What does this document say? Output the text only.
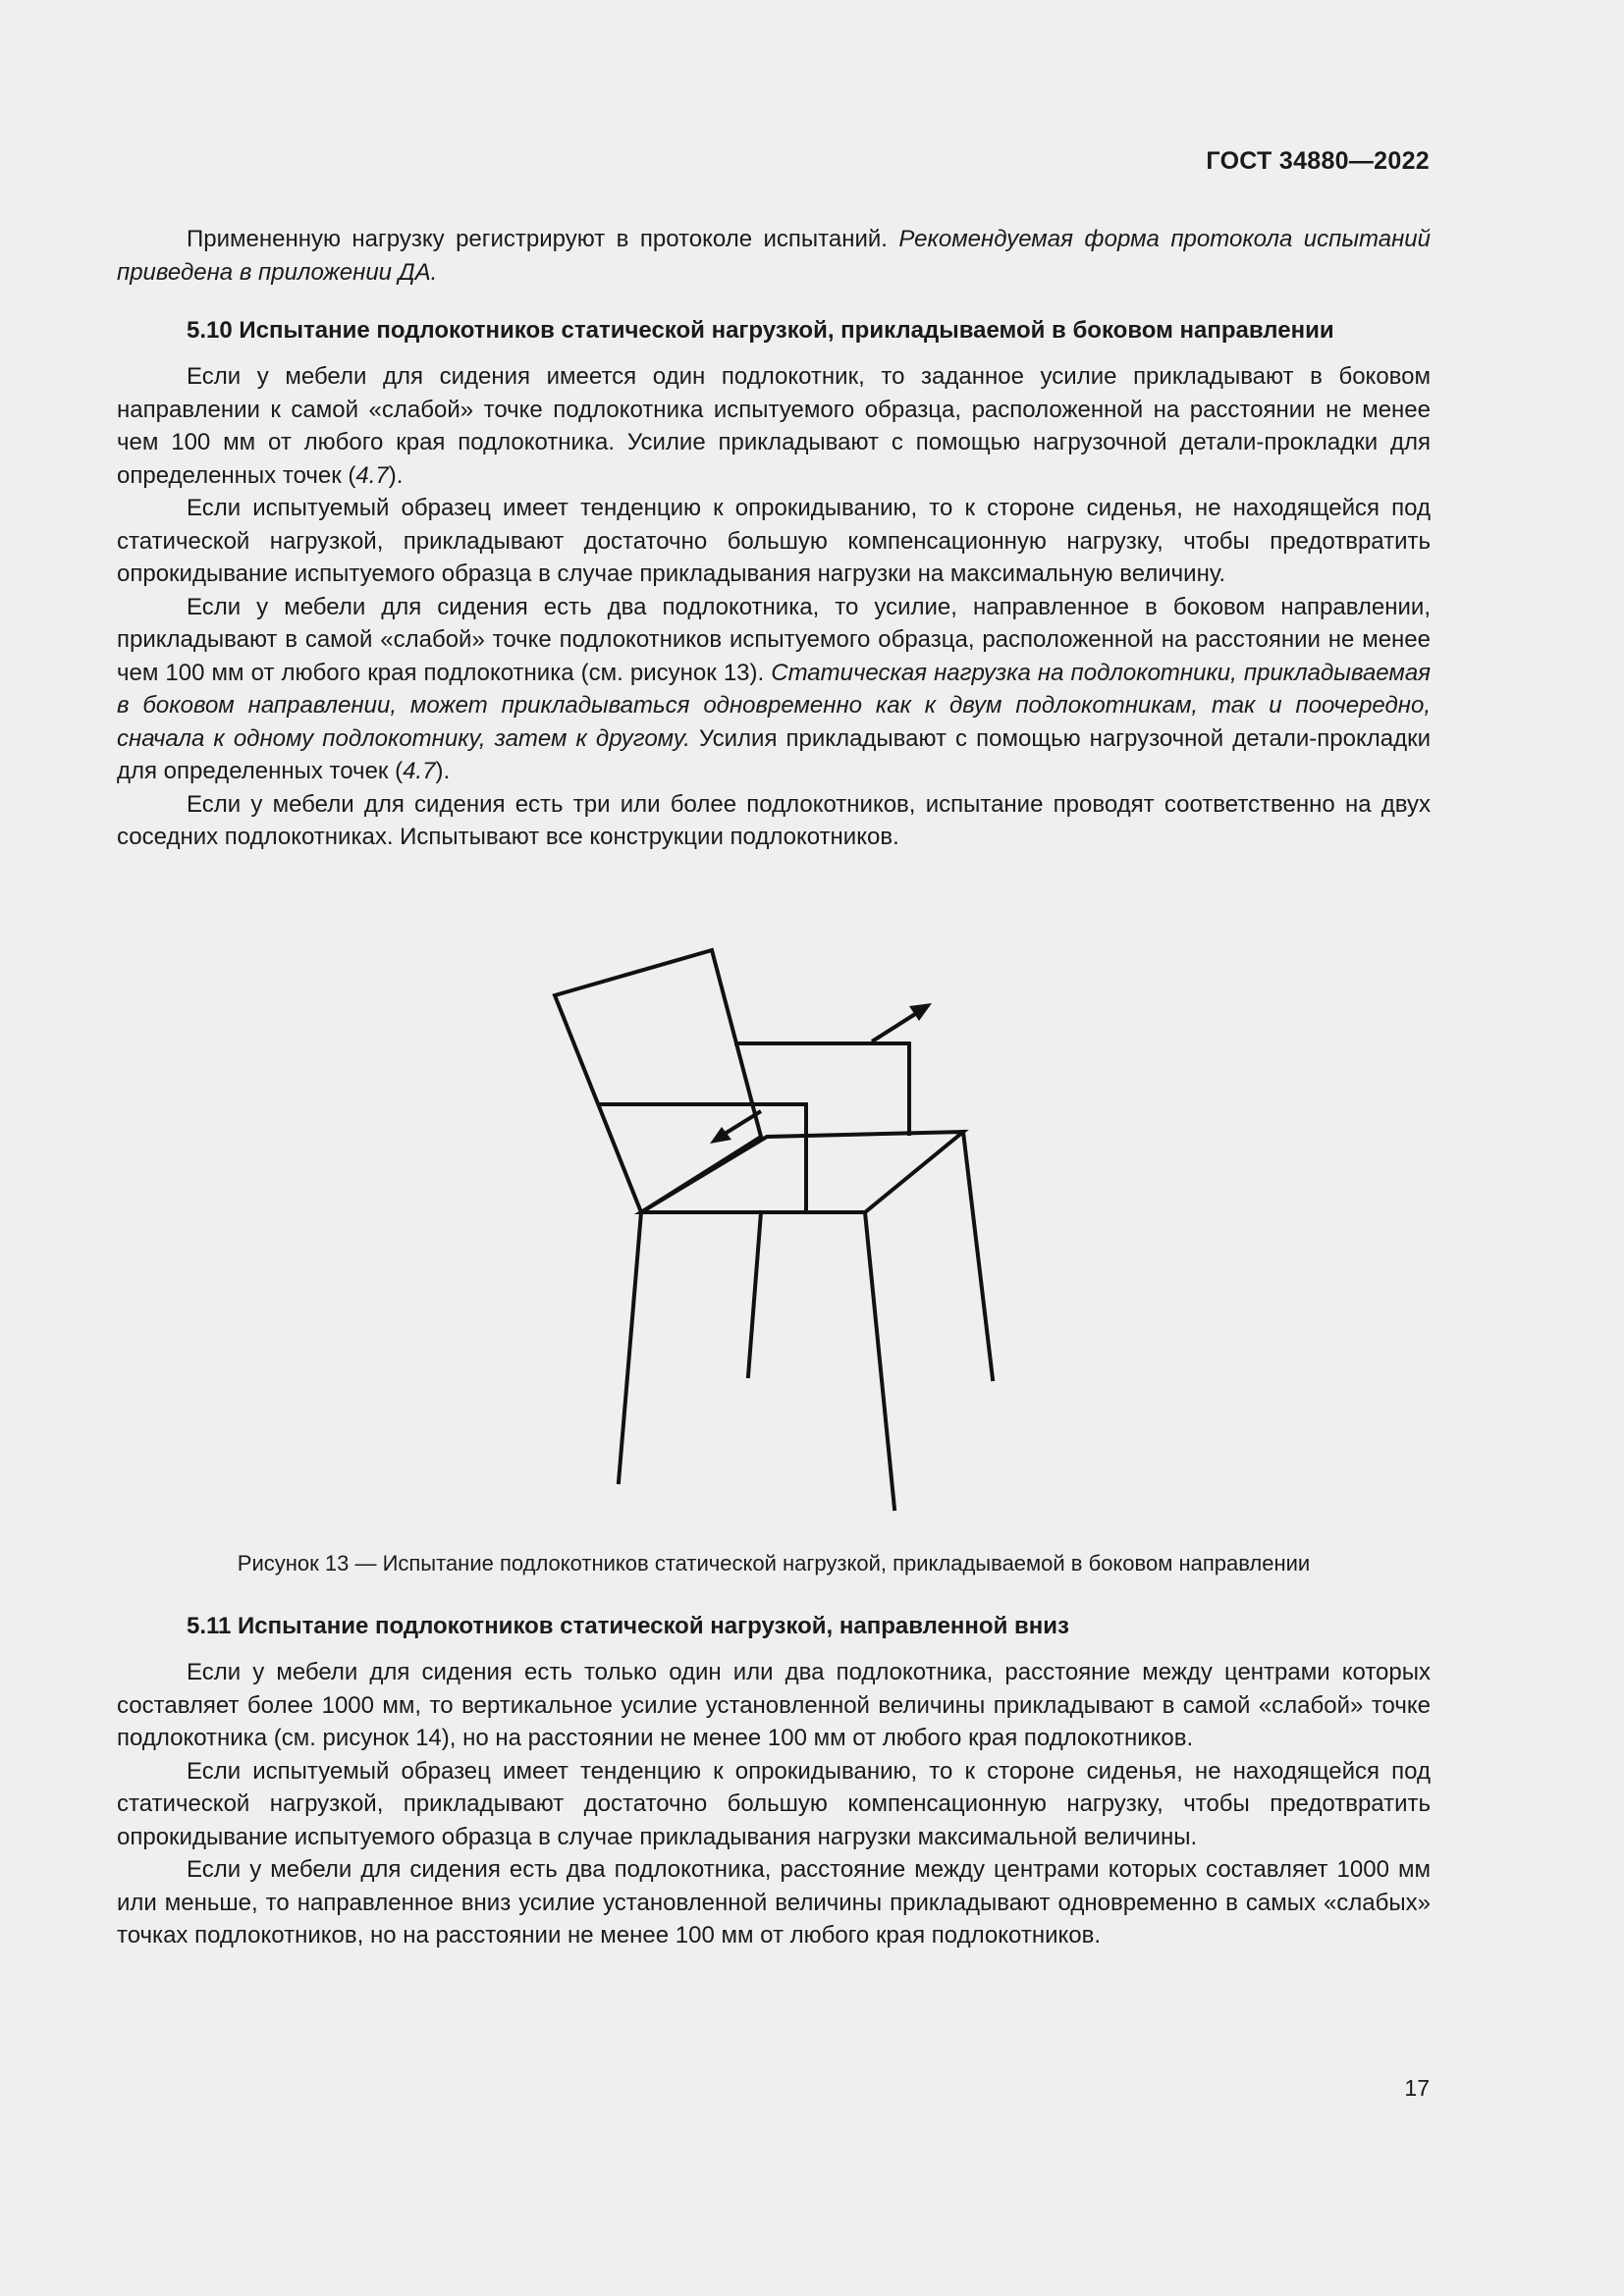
ГОСТ 34880—2022

Примененную нагрузку регистрируют в протоколе испытаний. Рекомендуемая форма протокола испытаний приведена в приложении ДА.

5.10 Испытание подлокотников статической нагрузкой, прикладываемой в боковом направлении

Если у мебели для сидения имеется один подлокотник, то заданное усилие прикладывают в боковом направлении к самой «слабой» точке подлокотника испытуемого образца, расположенной на расстоянии не менее чем 100 мм от любого края подлокотника. Усилие прикладывают с помощью нагрузочной детали-прокладки для определенных точек (4.7).

Если испытуемый образец имеет тенденцию к опрокидыванию, то к стороне сиденья, не находящейся под статической нагрузкой, прикладывают достаточно большую компенсационную нагрузку, чтобы предотвратить опрокидывание испытуемого образца в случае прикладывания нагрузки на максимальную величину.

Если у мебели для сидения есть два подлокотника, то усилие, направленное в боковом направлении, прикладывают в самой «слабой» точке подлокотников испытуемого образца, расположенной на расстоянии не менее чем 100 мм от любого края подлокотника (см. рисунок 13). Статическая нагрузка на подлокотники, прикладываемая в боковом направлении, может прикладываться одновременно как к двум подлокотникам, так и поочередно, сначала к одному подлокотнику, затем к другому. Усилия прикладывают с помощью нагрузочной детали-прокладки для определенных точек (4.7).

Если у мебели для сидения есть три или более подлокотников, испытание проводят соответственно на двух соседних подлокотниках. Испытывают все конструкции подлокотников.

Рисунок 13 — Испытание подлокотников статической нагрузкой, прикладываемой в боковом направлении

5.11 Испытание подлокотников статической нагрузкой, направленной вниз

Если у мебели для сидения есть только один или два подлокотника, расстояние между центрами которых составляет более 1000 мм, то вертикальное усилие установленной величины прикладывают в самой «слабой» точке подлокотника (см. рисунок 14), но на расстоянии не менее 100 мм от любого края подлокотников.

Если испытуемый образец имеет тенденцию к опрокидыванию, то к стороне сиденья, не находящейся под статической нагрузкой, прикладывают достаточно большую компенсационную нагрузку, чтобы предотвратить опрокидывание испытуемого образца в случае прикладывания нагрузки максимальной величины.

Если у мебели для сидения есть два подлокотника, расстояние между центрами которых составляет 1000 мм или меньше, то направленное вниз усилие установленной величины прикладывают одновременно в самых «слабых» точках подлокотников, но на расстоянии не менее 100 мм от любого края подлокотников.

17
